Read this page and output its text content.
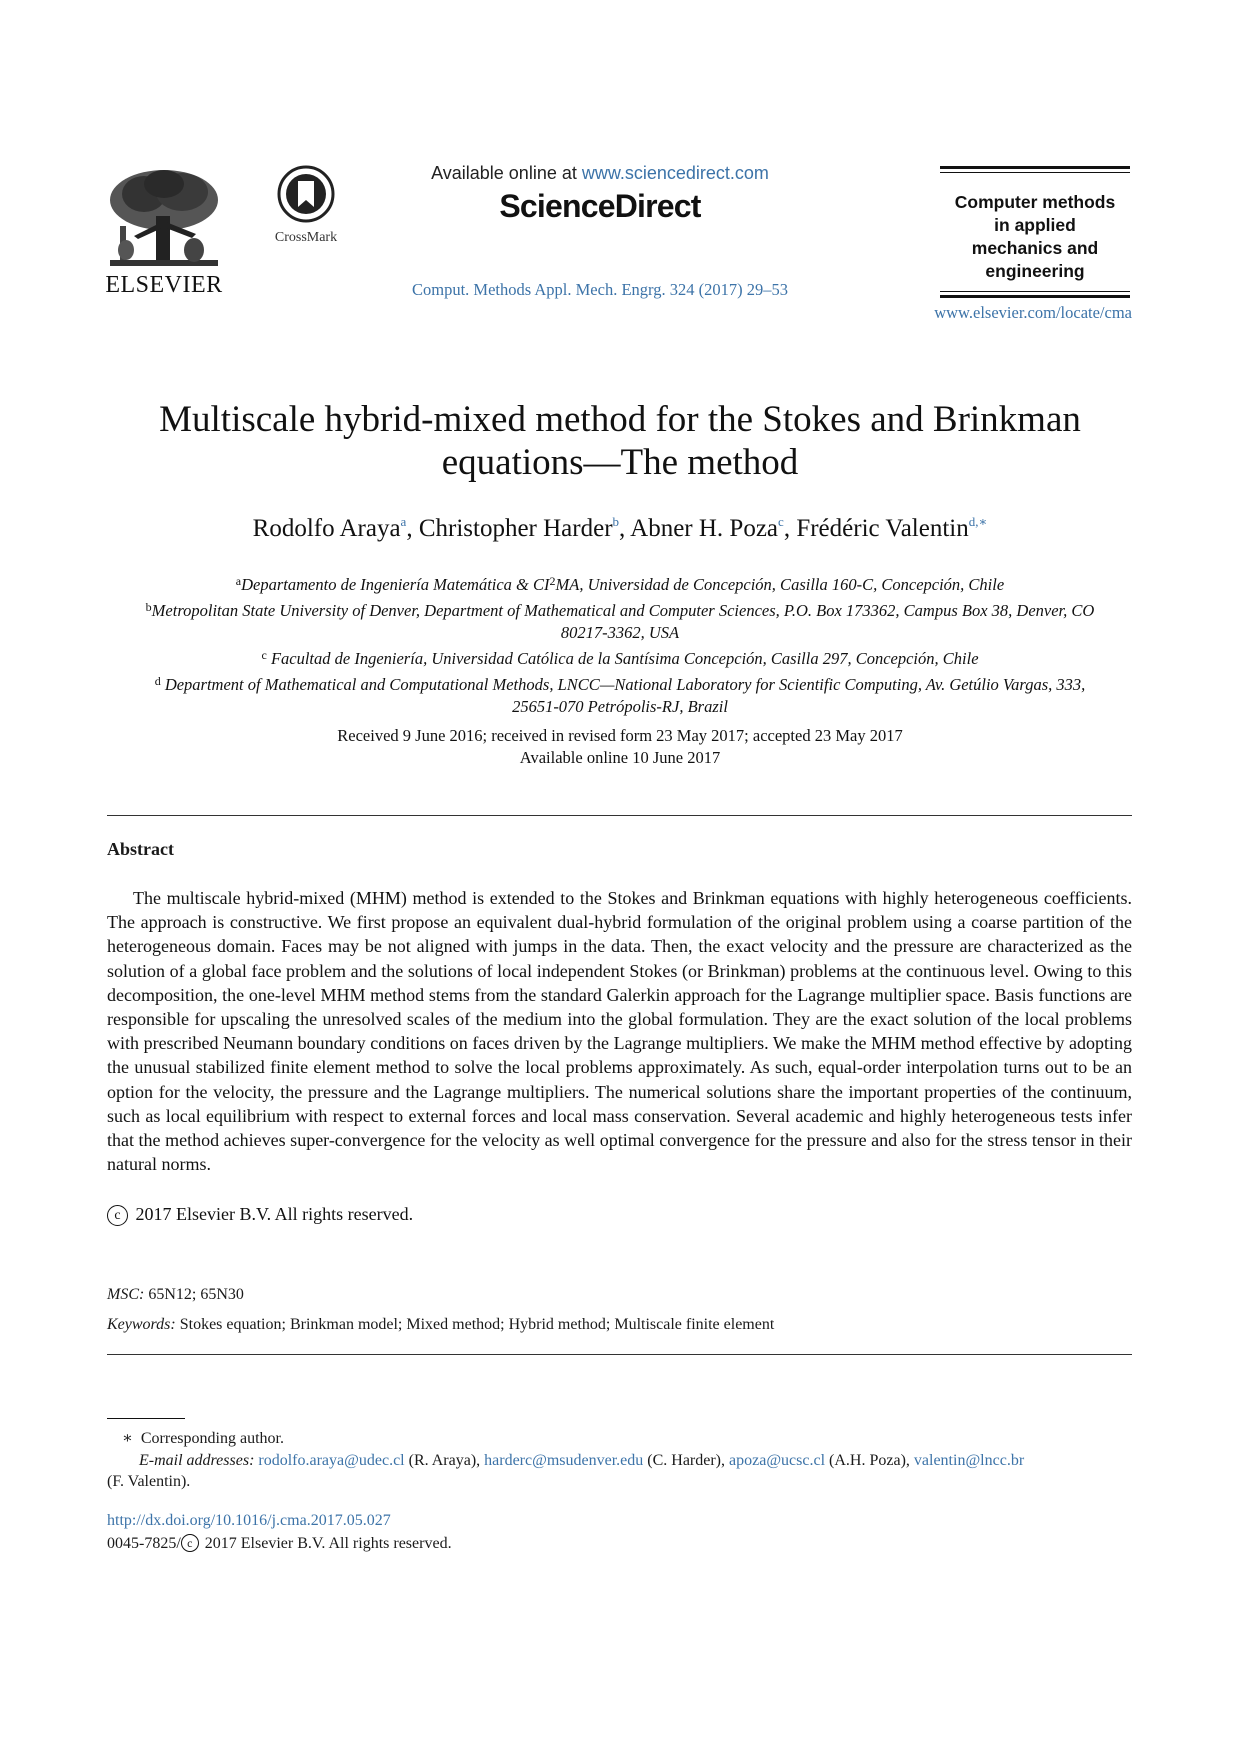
ELSEVIER
CrossMark
Available online at www.sciencedirect.com
ScienceDirect
Comput. Methods Appl. Mech. Engrg. 324 (2017) 29–53
Computer methods
in applied
mechanics and
engineering
www.elsevier.com/locate/cma
Multiscale hybrid-mixed method for the Stokes and Brinkman
equations—The method
Rodolfo Araya$^a$, Christopher Harder$^b$, Abner H. Poza$^c$, Frédéric Valentin$^{d,∗}$
$^a$Departamento de Ingeniería Matemática & $CI^2MA$, Universidad de Concepción, Casilla 160-C, Concepción, Chile
$^b$Metropolitan State University of Denver, Department of Mathematical and Computer Sciences, P.O. Box 173362, Campus Box 38, Denver, CO
80217-3362, USA
$^c$ Facultad de Ingeniería, Universidad Católica de la Santísima Concepción, Casilla 297, Concepción, Chile
$^d$ Department of Mathematical and Computational Methods, LNCC—National Laboratory for Scientific Computing, Av. Getúlio Vargas, 333,
25651-070 Petrópolis-RJ, Brazil
Received 9 June 2016; received in revised form 23 May 2017; accepted 23 May 2017
Available online 10 June 2017
Abstract

The multiscale hybrid-mixed (MHM) method is extended to the Stokes and Brinkman equations with highly heterogeneous coefficients. The approach is constructive. We first propose an equivalent dual-hybrid formulation of the original problem using a coarse partition of the heterogeneous domain. Faces may be not aligned with jumps in the data. Then, the exact velocity and the pressure are characterized as the solution of a global face problem and the solutions of local independent Stokes (or Brinkman) problems at the continuous level. Owing to this decomposition, the one-level MHM method stems from the standard Galerkin approach for the Lagrange multiplier space. Basis functions are responsible for upscaling the unresolved scales of the medium into the global formulation. They are the exact solution of the local problems with prescribed Neumann boundary conditions on faces driven by the Lagrange multipliers. We make the MHM method effective by adopting the unusual stabilized finite element method to solve the local problems approximately. As such, equal-order interpolation turns out to be an option for the velocity, the pressure and the Lagrange multipliers. The numerical solutions share the important properties of the continuum, such as local equilibrium with respect to external forces and local mass conservation. Several academic and highly heterogeneous tests infer that the method achieves super-convergence for the velocity as well optimal convergence for the pressure and also for the stress tensor in their natural norms.

c 2017 Elsevier B.V. All rights reserved.
MSC: 65N12; 65N30
Keywords: Stokes equation; Brinkman model; Mixed method; Hybrid method; Multiscale finite element
∗ Corresponding author.
E-mail addresses: rodolfo.araya@udec.cl (R. Araya), harderc@msudenver.edu (C. Harder), apoza@ucsc.cl (A.H. Poza), valentin@lncc.br
(F. Valentin).
http://dx.doi.org/10.1016/j.cma.2017.05.027
0045-7825/ c 2017 Elsevier B.V. All rights reserved.
